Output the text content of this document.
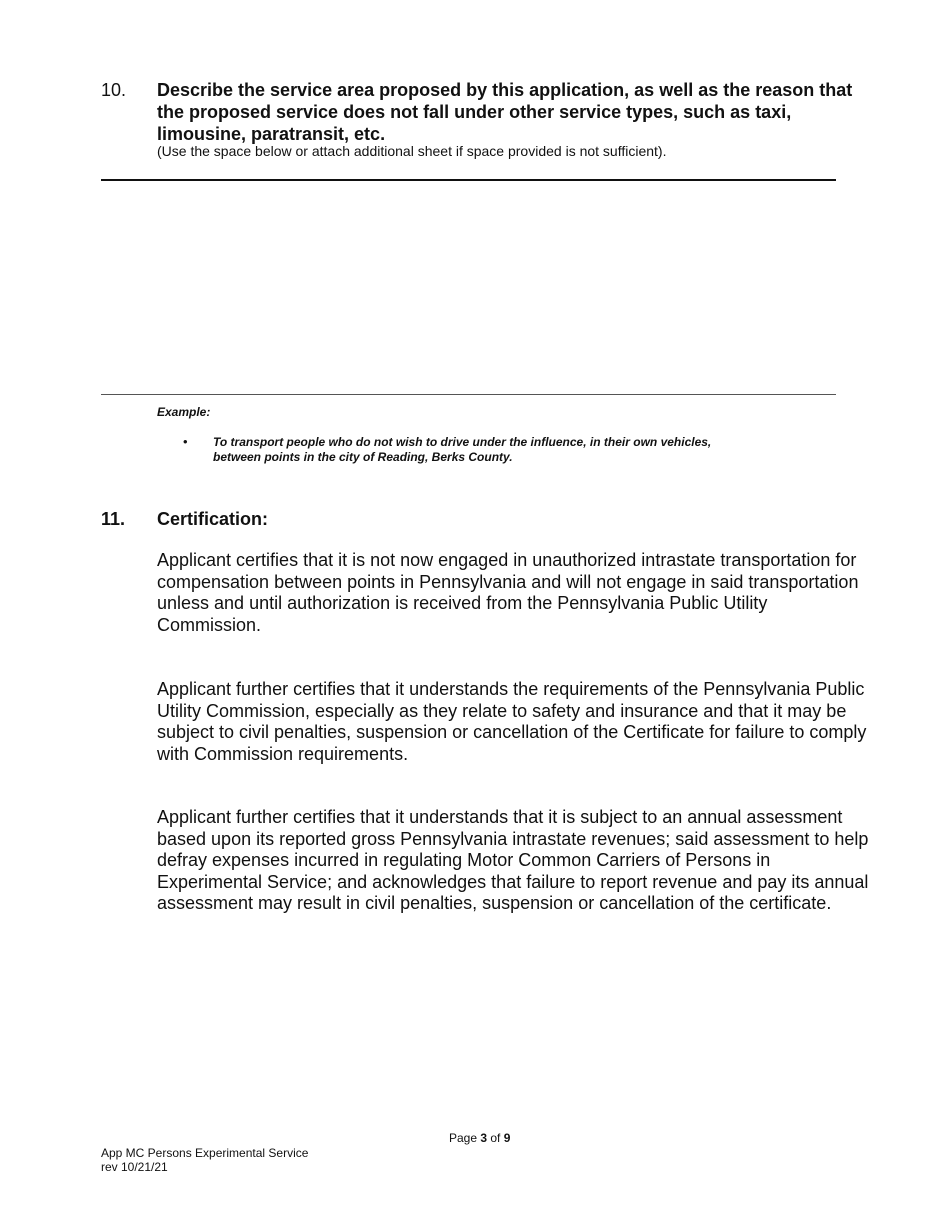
10. Describe the service area proposed by this application, as well as the reason that the proposed service does not fall under other service types, such as taxi, limousine, paratransit, etc.
(Use the space below or attach additional sheet if space provided is not sufficient).
Example:
• To transport people who do not wish to drive under the influence, in their own vehicles,
between points in the city of Reading, Berks County.
11. Certification:
Applicant certifies that it is not now engaged in unauthorized intrastate transportation for compensation between points in Pennsylvania and will not engage in said transportation unless and until authorization is received from the Pennsylvania Public Utility Commission.
Applicant further certifies that it understands the requirements of the Pennsylvania Public Utility Commission, especially as they relate to safety and insurance and that it may be subject to civil penalties, suspension or cancellation of the Certificate for failure to comply with Commission requirements.
Applicant further certifies that it understands that it is subject to an annual assessment based upon its reported gross Pennsylvania intrastate revenues; said assessment to help defray expenses incurred in regulating Motor Common Carriers of Persons in Experimental Service; and acknowledges that failure to report revenue and pay its annual assessment may result in civil penalties, suspension or cancellation of the certificate.
Page 3 of 9
App MC Persons Experimental Service
rev 10/21/21
